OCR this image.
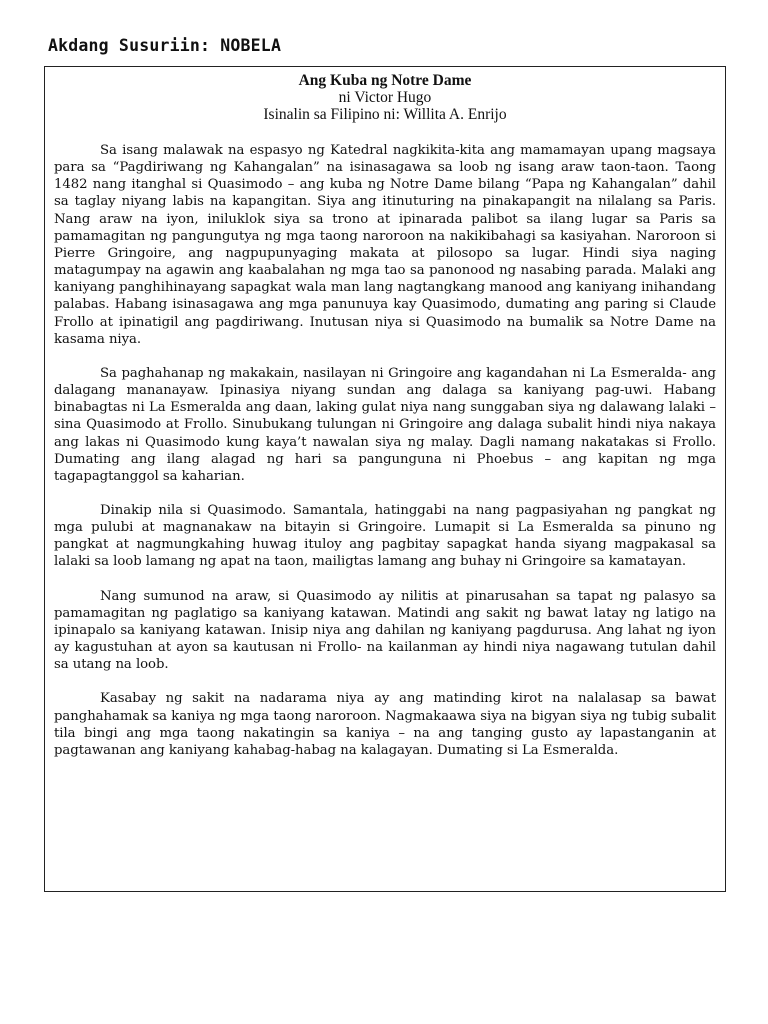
Akdang Susuriin: NOBELA
Ang Kuba ng Notre Dame
ni Victor Hugo
Isinalin sa Filipino ni: Willita A. Enrijo

Sa isang malawak na espasyo ng Katedral nagkikita-kita ang mamamayan upang magsaya para sa “Pagdiriwang ng Kahangalan” na isinasagawa sa loob ng isang araw taon-taon. Taong 1482 nang itanghal si Quasimodo – ang kuba ng Notre Dame bilang “Papa ng Kahangalan” dahil sa taglay niyang labis na kapangitan. Siya ang itinuturing na pinakapangit na nilalang sa Paris. Nang araw na iyon, iniluklok siya sa trono at ipinarada palibot sa ilang lugar sa Paris sa pamamagitan ng pangungutya ng mga taong naroroon na nakikibahagi sa kasiyahan. Naroroon si Pierre Gringoire, ang nagpupunyaging makata at pilosopo sa lugar. Hindi siya naging matagumpay na agawin ang kaabalahan ng mga tao sa panonood ng nasabing parada. Malaki ang kaniyang panghihinayang sapagkat wala man lang nagtangkang manood ang kaniyang inihandang palabas. Habang isinasagawa ang mga panunuya kay Quasimodo, dumating ang paring si Claude Frollo at ipinatigil ang pagdiriwang. Inutusan niya si Quasimodo na bumalik sa Notre Dame na kasama niya.

Sa paghahanap ng makakain, nasilayan ni Gringoire ang kagandahan ni La Esmeralda- ang dalagang mananayaw. Ipinasiya niyang sundan ang dalaga sa kaniyang pag-uwi. Habang binabagtas ni La Esmeralda ang daan, laking gulat niya nang sunggaban siya ng dalawang lalaki – sina Quasimodo at Frollo. Sinubukang tulungan ni Gringoire ang dalaga subalit hindi niya nakaya ang lakas ni Quasimodo kung kaya’t nawalan siya ng malay. Dagli namang nakatakas si Frollo. Dumating ang ilang alagad ng hari sa pangunguna ni Phoebus – ang kapitan ng mga tagapagtanggol sa kaharian.

Dinakip nila si Quasimodo. Samantala, hatinggabi na nang pagpasiyahan ng pangkat ng mga pulubi at magnanakaw na bitayin si Gringoire. Lumapit si La Esmeralda sa pinuno ng pangkat at nagmungkahing huwag ituloy ang pagbitay sapagkat handa siyang magpakasal sa lalaki sa loob lamang ng apat na taon, mailigtas lamang ang buhay ni Gringoire sa kamatayan.

Nang sumunod na araw, si Quasimodo ay nilitis at pinarusahan sa tapat ng palasyo sa pamamagitan ng paglatigo sa kaniyang katawan. Matindi ang sakit ng bawat latay ng latigo na ipinapalo sa kaniyang katawan. Inisip niya ang dahilan ng kaniyang pagdurusa. Ang lahat ng iyon ay kagustuhan at ayon sa kautusan ni Frollo- na kailanman ay hindi niya nagawang tutulan dahil sa utang na loob.

Kasabay ng sakit na nadarama niya ay ang matinding kirot na nalalasap sa bawat panghahamak sa kaniya ng mga taong naroroon. Nagmakaawa siya na bigyan siya ng tubig subalit tila bingi ang mga taong nakatingin sa kaniya – na ang tanging gusto ay lapastanganin at pagtawanan ang kaniyang kahabag-habag na kalagayan. Dumating si La Esmeralda.
